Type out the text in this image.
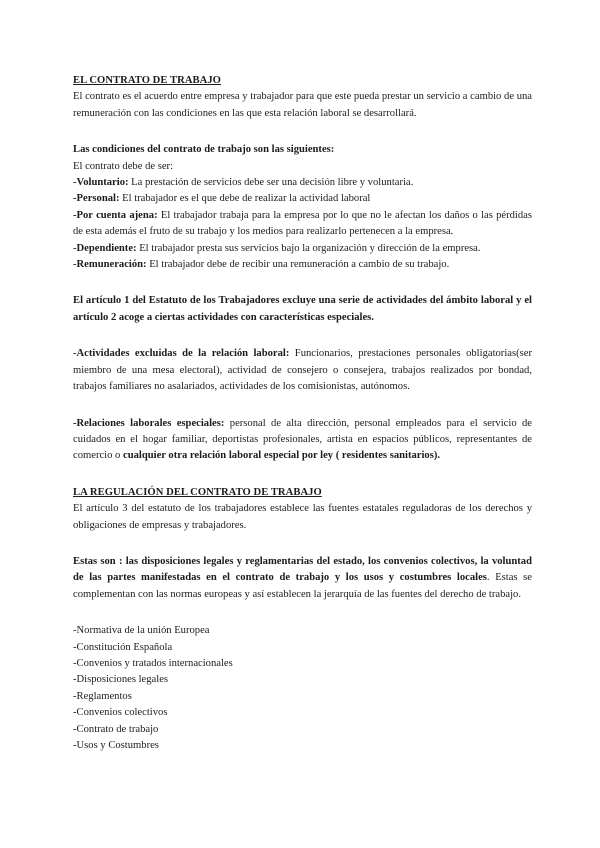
EL CONTRATO DE TRABAJO

El contrato es el acuerdo entre empresa y trabajador para que este pueda prestar un servicio a cambio de una remuneración con las condiciones en las que esta relación laboral se desarrollará.

Las condiciones del contrato de trabajo son las siguientes:

El contrato debe de ser:

-Voluntario: La prestación de servicios debe ser una decisión libre y voluntaria.

-Personal: El trabajador es el que debe de realizar la actividad laboral

-Por cuenta ajena: El trabajador trabaja para la empresa por lo que no le afectan los daños o las pérdidas de esta además el fruto de su trabajo y los medios para realizarlo pertenecen a la empresa.

-Dependiente: El trabajador presta sus servicios bajo la organización y dirección de la empresa.

-Remuneración: El trabajador debe de recibir una remuneración a cambio de su trabajo.

El artículo 1 del Estatuto de los Trabajadores excluye una serie de actividades del ámbito laboral y el artículo 2 acoge a ciertas actividades con características especiales.

-Actividades excluidas de la relación laboral: Funcionarios, prestaciones personales obligatorias(ser miembro de una mesa electoral), actividad de consejero o consejera, trabajos realizados por bondad, trabajos familiares no asalariados, actividades de los comisionistas, autónomos.

-Relaciones laborales especiales: personal de alta dirección, personal empleados para el servicio de cuidados en el hogar familiar, deportistas profesionales, artista en espacios públicos, representantes de comercio o cualquier otra relación laboral especial por ley ( residentes sanitarios).

LA REGULACIÓN DEL CONTRATO DE TRABAJO

El artículo 3 del estatuto de los trabajadores establece las fuentes estatales reguladoras de los derechos y obligaciones de empresas y trabajadores.

Estas son : las disposiciones legales y reglamentarias del estado, los convenios colectivos, la voluntad de las partes manifestadas en el contrato de trabajo y los usos y costumbres locales. Estas se complementan con las normas europeas y así establecen la jerarquía de las fuentes del derecho de trabajo.

-Normativa de la unión Europea

-Constitución Española

-Convenios y tratados internacionales

-Disposiciones legales

-Reglamentos

-Convenios colectivos

-Contrato de trabajo

-Usos y Costumbres
